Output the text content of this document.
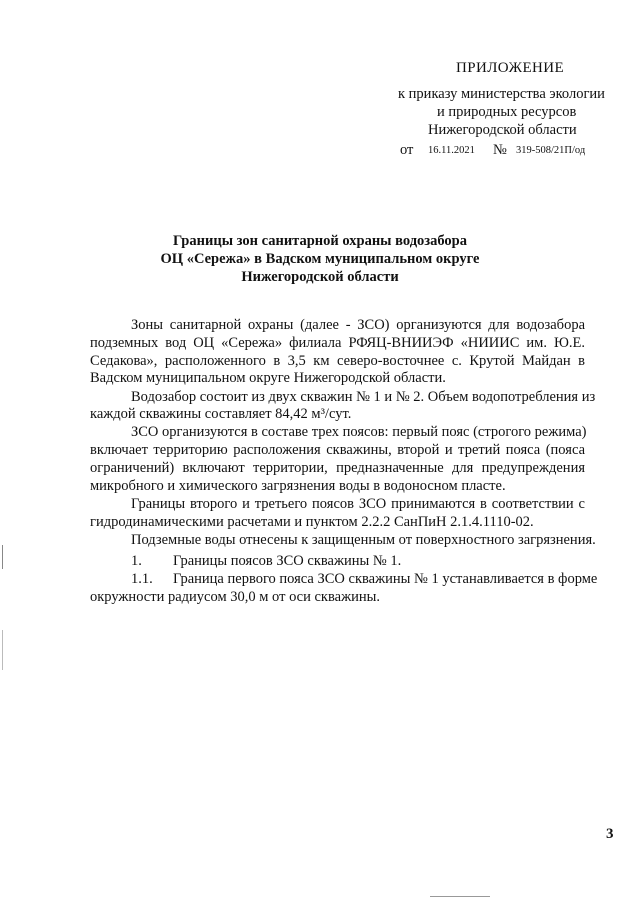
ПРИЛОЖЕНИЕ
к приказу министерства экологии
и природных ресурсов
Нижегородской области
от 16.11.2021 № 319-508/21П/од
Границы зон санитарной охраны водозабора
ОЦ «Сережа» в Вадском муниципальном округе
Нижегородской области
Зоны санитарной охраны (далее - ЗСО) организуются для водозабора
подземных вод ОЦ «Сережа» филиала РФЯЦ-ВНИИЭФ «НИИИС им. Ю.Е.
Седакова», расположенного в 3,5 км северо-восточнее с. Крутой Майдан в
Вадском муниципальном округе Нижегородской области.
Водозабор состоит из двух скважин № 1 и № 2. Объем водопотребления из
каждой скважины составляет 84,42 м³/сут.
ЗСО организуются в составе трех поясов: первый пояс (строгого режима)
включает территорию расположения скважины, второй и третий пояса (пояса
ограничений) включают территории, предназначенные для предупреждения
микробного и химического загрязнения воды в водоносном пласте.
Границы второго и третьего поясов ЗСО принимаются в соответствии с
гидродинамическими расчетами и пунктом 2.2.2 СанПиН 2.1.4.1110-02.
Подземные воды отнесены к защищенным от поверхностного загрязнения.
1. Границы поясов ЗСО скважины № 1.
1.1. Граница первого пояса ЗСО скважины № 1 устанавливается в форме
окружности радиусом 30,0 м от оси скважины.
3
